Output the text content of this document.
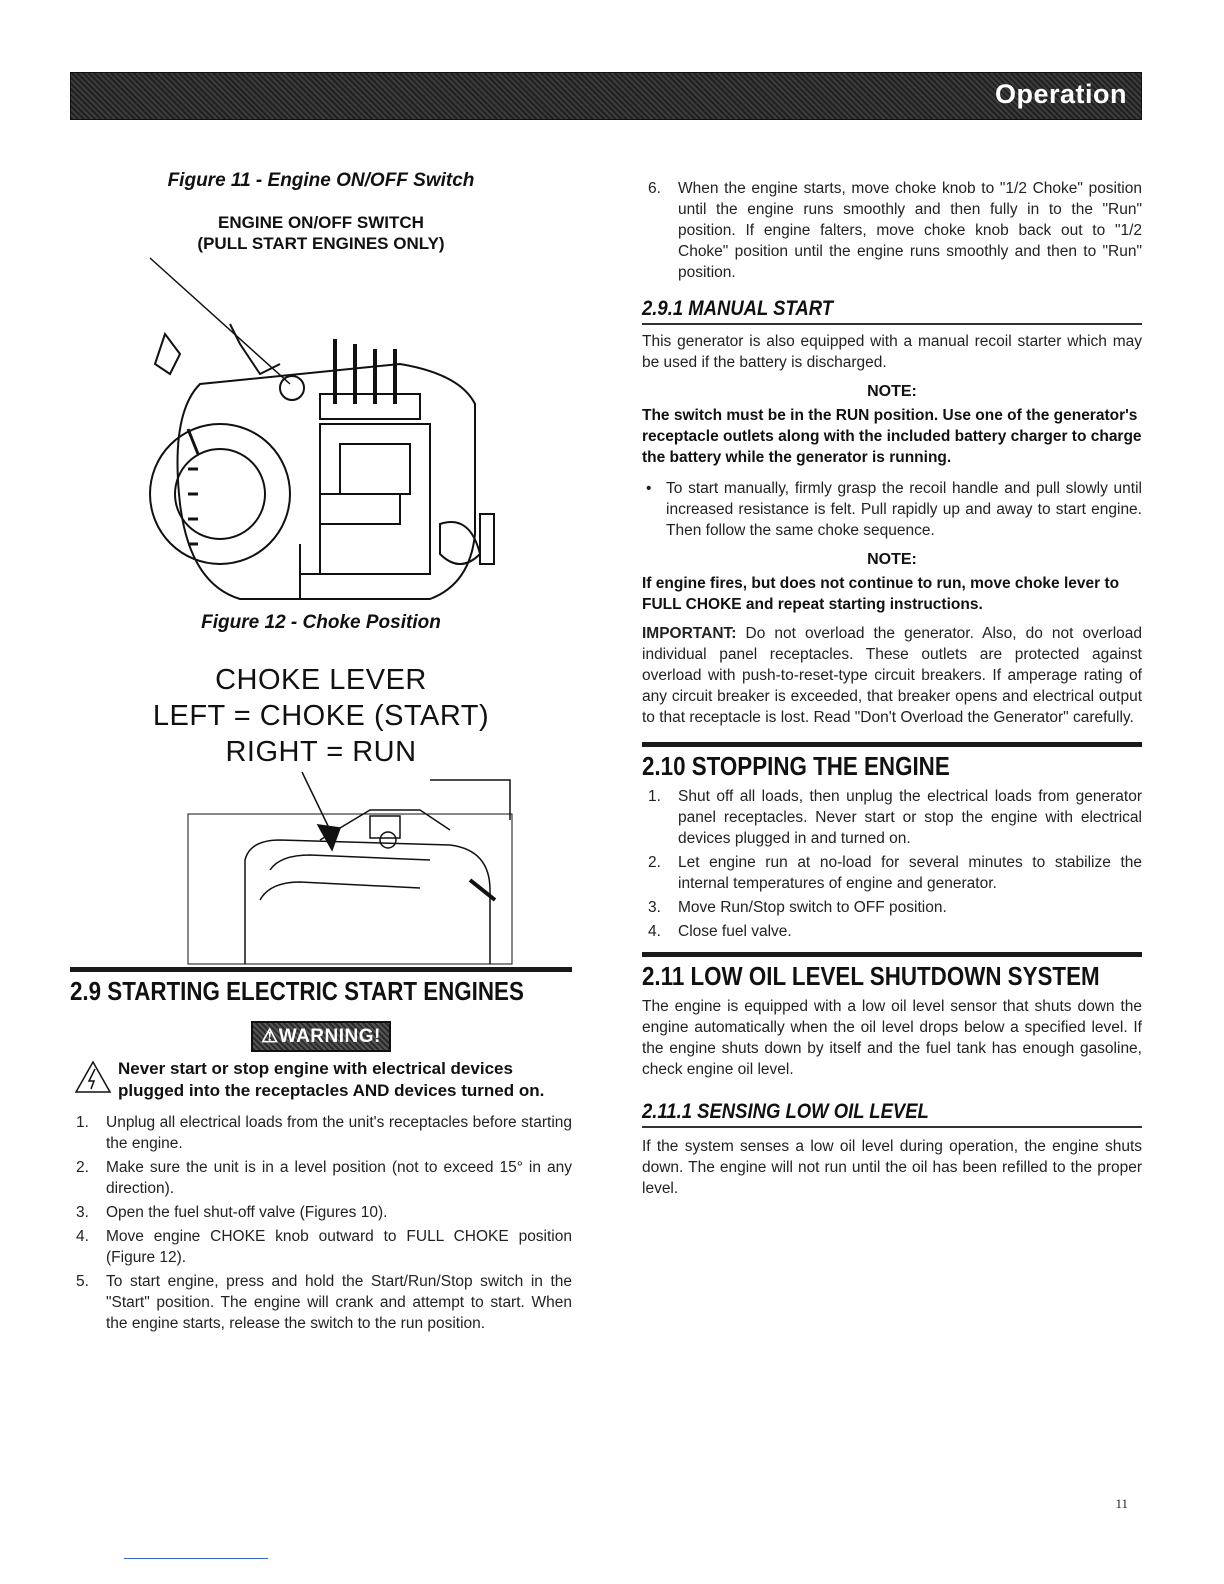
Operation
Figure 11 - Engine ON/OFF Switch
ENGINE ON/OFF SWITCH
(PULL START ENGINES ONLY)
Figure 12 - Choke Position
CHOKE LEVER
LEFT = CHOKE (START)
RIGHT = RUN
2.9 STARTING ELECTRIC START ENGINES
⚠WARNING!
Never start or stop engine with electrical devices plugged into the receptacles AND devices turned on.
1. Unplug all electrical loads from the unit's receptacles before starting the engine.
2. Make sure the unit is in a level position (not to exceed 15° in any direction).
3. Open the fuel shut-off valve (Figures 10).
4. Move engine CHOKE knob outward to FULL CHOKE position (Figure 12).
5. To start engine, press and hold the Start/Run/Stop switch in the "Start" position. The engine will crank and attempt to start. When the engine starts, release the switch to the run position.
6. When the engine starts, move choke knob to "1/2 Choke" position until the engine runs smoothly and then fully in to the "Run" position. If engine falters, move choke knob back out to "1/2 Choke" position until the engine runs smoothly and then to "Run" position.
2.9.1 MANUAL START
This generator is also equipped with a manual recoil starter which may be used if the battery is discharged.
NOTE:
The switch must be in the RUN position. Use one of the generator's receptacle outlets along with the included battery charger to charge the battery while the generator is running.
• To start manually, firmly grasp the recoil handle and pull slowly until increased resistance is felt. Pull rapidly up and away to start engine. Then follow the same choke sequence.
NOTE:
If engine fires, but does not continue to run, move choke lever to FULL CHOKE and repeat starting instructions.
IMPORTANT: Do not overload the generator. Also, do not overload individual panel receptacles. These outlets are protected against overload with push-to-reset-type circuit breakers. If amperage rating of any circuit breaker is exceeded, that breaker opens and electrical output to that receptacle is lost. Read "Don't Overload the Generator" carefully.
2.10 STOPPING THE ENGINE
1. Shut off all loads, then unplug the electrical loads from generator panel receptacles. Never start or stop the engine with electrical devices plugged in and turned on.
2. Let engine run at no-load for several minutes to stabilize the internal temperatures of engine and generator.
3. Move Run/Stop switch to OFF position.
4. Close fuel valve.
2.11 LOW OIL LEVEL SHUTDOWN SYSTEM
The engine is equipped with a low oil level sensor that shuts down the engine automatically when the oil level drops below a specified level. If the engine shuts down by itself and the fuel tank has enough gasoline, check engine oil level.
2.11.1 SENSING LOW OIL LEVEL
If the system senses a low oil level during operation, the engine shuts down. The engine will not run until the oil has been refilled to the proper level.
11
